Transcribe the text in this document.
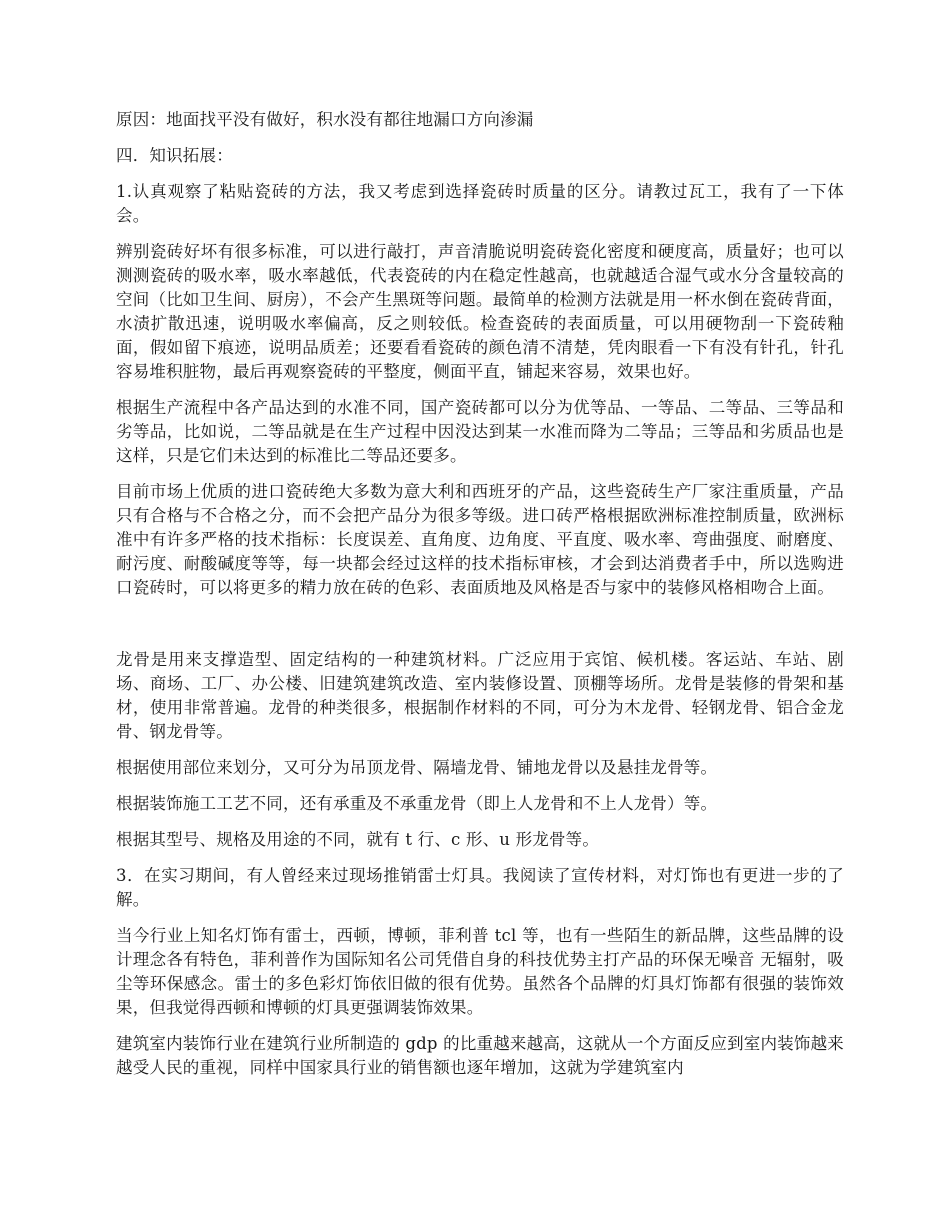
原因：地面找平没有做好，积水没有都往地漏口方向渗漏

四．知识拓展：

1.认真观察了粘贴瓷砖的方法，我又考虑到选择瓷砖时质量的区分。请教过瓦工，我有了一下体会。

辨别瓷砖好坏有很多标准，可以进行敲打，声音清脆说明瓷砖瓷化密度和硬度高，质量好；也可以测测瓷砖的吸水率，吸水率越低，代表瓷砖的内在稳定性越高，也就越适合湿气或水分含量较高的空间（比如卫生间、厨房），不会产生黑斑等问题。最简单的检测方法就是用一杯水倒在瓷砖背面，水渍扩散迅速，说明吸水率偏高，反之则较低。检查瓷砖的表面质量，可以用硬物刮一下瓷砖釉面，假如留下痕迹，说明品质差；还要看看瓷砖的颜色清不清楚，凭肉眼看一下有没有针孔，针孔容易堆积脏物，最后再观察瓷砖的平整度，侧面平直，铺起来容易，效果也好。

根据生产流程中各产品达到的水准不同，国产瓷砖都可以分为优等品、一等品、二等品、三等品和劣等品，比如说，二等品就是在生产过程中因没达到某一水准而降为二等品；三等品和劣质品也是这样，只是它们未达到的标准比二等品还要多。

目前市场上优质的进口瓷砖绝大多数为意大利和西班牙的产品，这些瓷砖生产厂家注重质量，产品只有合格与不合格之分，而不会把产品分为很多等级。进口砖严格根据欧洲标准控制质量，欧洲标准中有许多严格的技术指标：长度误差、直角度、边角度、平直度、吸水率、弯曲强度、耐磨度、耐污度、耐酸碱度等等，每一块都会经过这样的技术指标审核，才会到达消费者手中，所以选购进口瓷砖时，可以将更多的精力放在砖的色彩、表面质地及风格是否与家中的装修风格相吻合上面。

龙骨是用来支撑造型、固定结构的一种建筑材料。广泛应用于宾馆、候机楼。客运站、车站、剧场、商场、工厂、办公楼、旧建筑建筑改造、室内装修设置、顶棚等场所。龙骨是装修的骨架和基材，使用非常普遍。龙骨的种类很多，根据制作材料的不同，可分为木龙骨、轻钢龙骨、铝合金龙骨、钢龙骨等。

根据使用部位来划分，又可分为吊顶龙骨、隔墙龙骨、铺地龙骨以及悬挂龙骨等。

根据装饰施工工艺不同，还有承重及不承重龙骨（即上人龙骨和不上人龙骨）等。

根据其型号、规格及用途的不同，就有 t 行、c 形、u 形龙骨等。

3．在实习期间，有人曾经来过现场推销雷士灯具。我阅读了宣传材料，对灯饰也有更进一步的了解。

当今行业上知名灯饰有雷士，西顿，博顿，菲利普 tcl 等，也有一些陌生的新品牌，这些品牌的设计理念各有特色，菲利普作为国际知名公司凭借自身的科技优势主打产品的环保无噪音 无辐射，吸尘等环保感念。雷士的多色彩灯饰依旧做的很有优势。虽然各个品牌的灯具灯饰都有很强的装饰效果，但我觉得西顿和博顿的灯具更强调装饰效果。

建筑室内装饰行业在建筑行业所制造的 gdp 的比重越来越高，这就从一个方面反应到室内装饰越来越受人民的重视，同样中国家具行业的销售额也逐年增加，这就为学建筑室内
